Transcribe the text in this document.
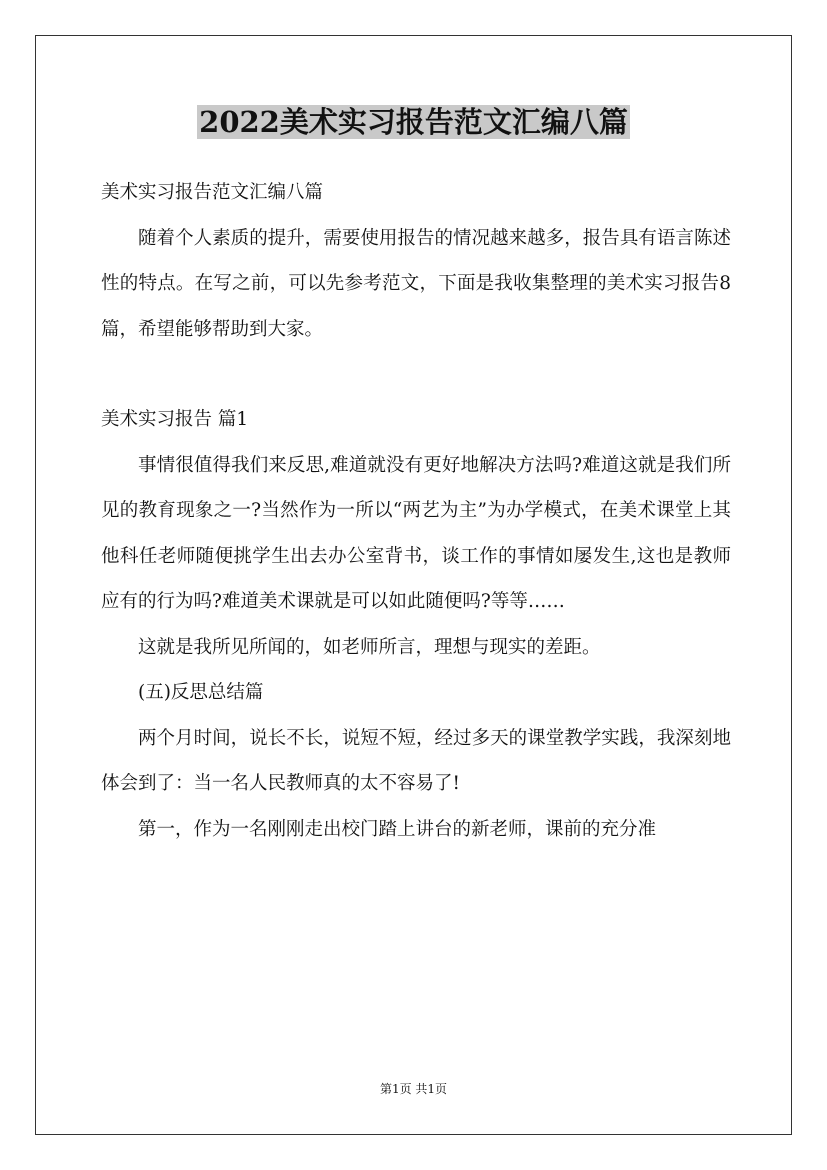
2022美术实习报告范文汇编八篇

美术实习报告范文汇编八篇

随着个人素质的提升，需要使用报告的情况越来越多，报告具有语言陈述性的特点。在写之前，可以先参考范文，下面是我收集整理的美术实习报告8篇，希望能够帮助到大家。

美术实习报告 篇1

事情很值得我们来反思,难道就没有更好地解决方法吗?难道这就是我们所见的教育现象之一?当然作为一所以“两艺为主”为办学模式，在美术课堂上其他科任老师随便挑学生出去办公室背书，谈工作的事情如屡发生,这也是教师应有的行为吗?难道美术课就是可以如此随便吗?等等……

这就是我所见所闻的，如老师所言，理想与现实的差距。

(五)反思总结篇

两个月时间，说长不长，说短不短，经过多天的课堂教学实践，我深刻地体会到了：当一名人民教师真的太不容易了!

第一，作为一名刚刚走出校门踏上讲台的新老师，课前的充分准

第1页 共1页
